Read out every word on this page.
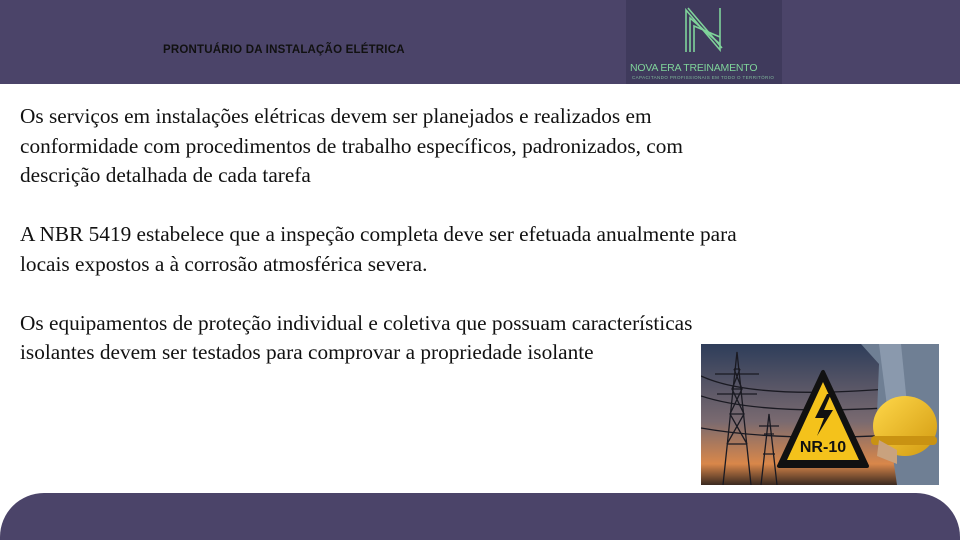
PRONTUÁRIO DA INSTALAÇÃO ELÉTRICA
NOVA ERA TREINAMENTO
CAPACITANDO PROFISSIONAIS EM TODO O TERRITÓRIO

Os serviços em instalações elétricas devem ser planejados e realizados em conformidade com procedimentos de trabalho específicos, padronizados, com descrição detalhada de cada tarefa

A NBR 5419 estabelece que a inspeção completa deve ser efetuada anualmente para locais expostos a à corrosão atmosférica severa.

Os equipamentos de proteção individual e coletiva que possuam características isolantes devem ser testados para comprovar a propriedade isolante

NR-10
